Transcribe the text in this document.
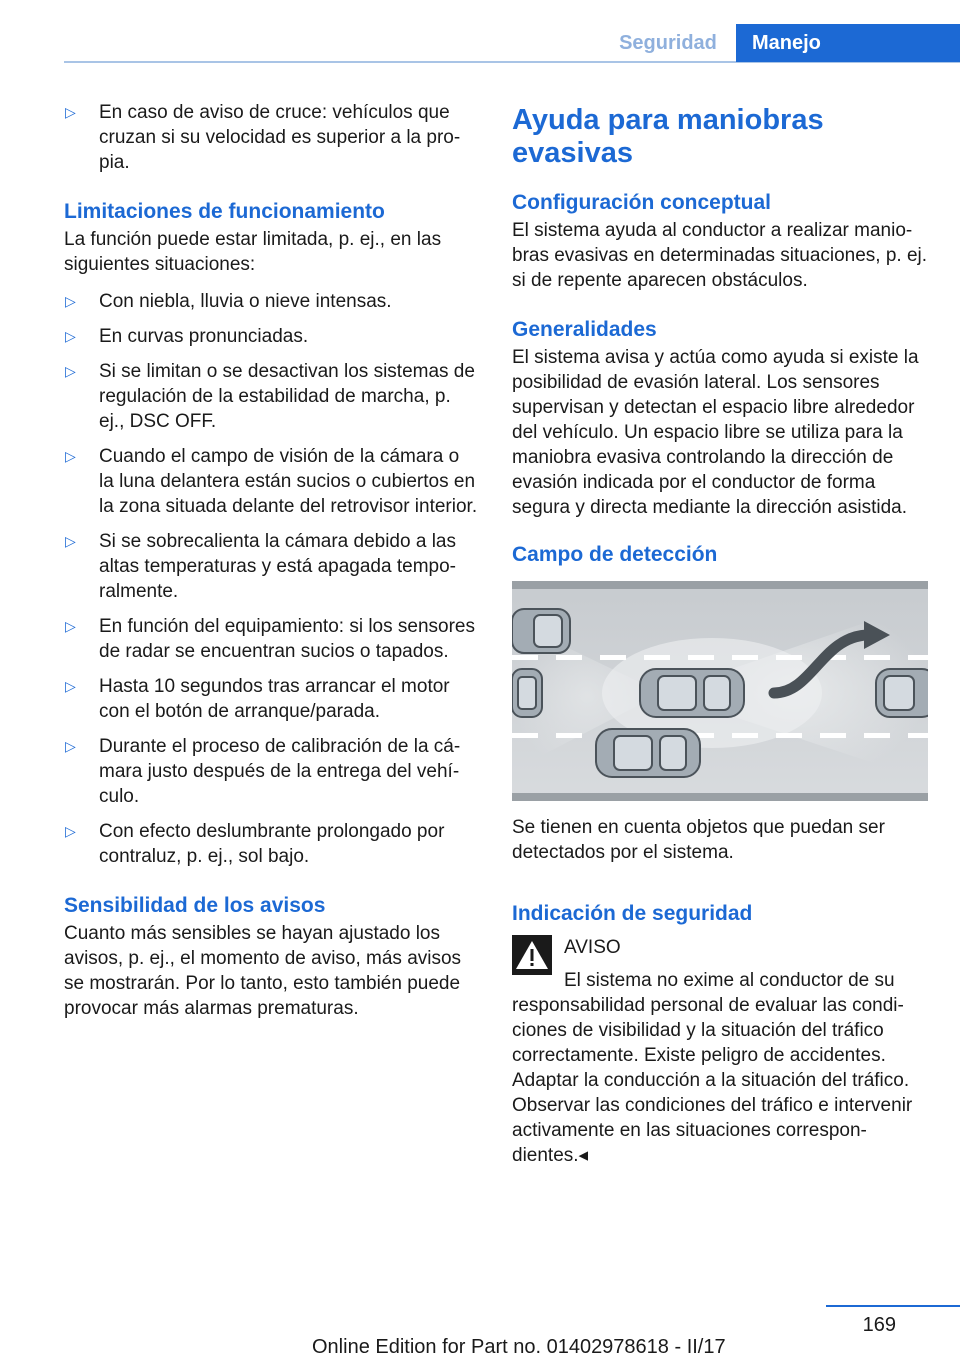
Seguridad	Manejo
▷ En caso de aviso de cruce: vehículos que cruzan si su velocidad es superior a la propia.
Limitaciones de funcionamiento
La función puede estar limitada, p. ej., en las siguientes situaciones:
▷ Con niebla, lluvia o nieve intensas.
▷ En curvas pronunciadas.
▷ Si se limitan o se desactivan los sistemas de regulación de la estabilidad de marcha, p. ej., DSC OFF.
▷ Cuando el campo de visión de la cámara o la luna delantera están sucios o cubiertos en la zona situada delante del retrovisor interior.
▷ Si se sobrecalienta la cámara debido a las altas temperaturas y está apagada temporalmente.
▷ En función del equipamiento: si los sensores de radar se encuentran sucios o tapados.
▷ Hasta 10 segundos tras arrancar el motor con el botón de arranque/parada.
▷ Durante el proceso de calibración de la cámara justo después de la entrega del vehículo.
▷ Con efecto deslumbrante prolongado por contraluz, p. ej., sol bajo.
Sensibilidad de los avisos
Cuanto más sensibles se hayan ajustado los avisos, p. ej., el momento de aviso, más avisos se mostrarán. Por lo tanto, esto también puede provocar más alarmas prematuras.
Ayuda para maniobras evasivas
Configuración conceptual
El sistema ayuda al conductor a realizar maniobras evasivas en determinadas situaciones, p. ej. si de repente aparecen obstáculos.
Generalidades
El sistema avisa y actúa como ayuda si existe la posibilidad de evasión lateral. Los sensores supervisan y detectan el espacio libre alrededor del vehículo. Un espacio libre se utiliza para la maniobra evasiva controlando la dirección de evasión indicada por el conductor de forma segura y directa mediante la dirección asistida.
Campo de detección
Se tienen en cuenta objetos que puedan ser detectados por el sistema.
Indicación de seguridad
AVISO
El sistema no exime al conductor de su responsabilidad personal de evaluar las condiciones de visibilidad y la situación del tráfico correctamente. Existe peligro de accidentes. Adaptar la conducción a la situación del tráfico. Observar las condiciones del tráfico e intervenir activamente en las situaciones correspondientes.◂
169
Online Edition for Part no. 01402978618 - II/17
